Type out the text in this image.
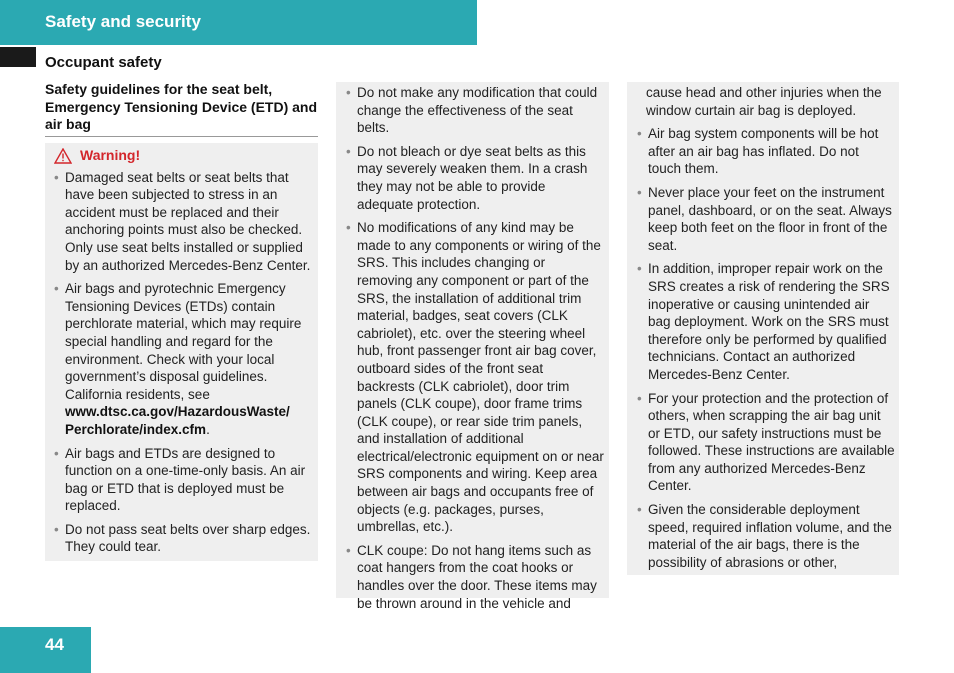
Safety and security
Occupant safety
Safety guidelines for the seat belt, Emergency Tensioning Device (ETD) and air bag
Warning!
• Damaged seat belts or seat belts that have been subjected to stress in an accident must be replaced and their anchoring points must also be checked. Only use seat belts installed or supplied by an authorized Mercedes-Benz Center.
• Air bags and pyrotechnic Emergency Tensioning Devices (ETDs) contain perchlorate material, which may require special handling and regard for the environment. Check with your local government’s disposal guidelines. California residents, see www.dtsc.ca.gov/HazardousWaste/ Perchlorate/index.cfm.
• Air bags and ETDs are designed to function on a one-time-only basis. An air bag or ETD that is deployed must be replaced.
• Do not pass seat belts over sharp edges. They could tear.
• Do not make any modification that could change the effectiveness of the seat belts.
• Do not bleach or dye seat belts as this may severely weaken them. In a crash they may not be able to provide adequate protection.
• No modifications of any kind may be made to any components or wiring of the SRS. This includes changing or removing any component or part of the SRS, the installation of additional trim material, badges, seat covers (CLK cabriolet), etc. over the steering wheel hub, front passenger front air bag cover, outboard sides of the front seat backrests (CLK cabriolet), door trim panels (CLK coupe), door frame trims (CLK coupe), or rear side trim panels, and installation of additional electrical/electronic equipment on or near SRS components and wiring. Keep area between air bags and occupants free of objects (e.g. packages, purses, umbrellas, etc.).
• CLK coupe: Do not hang items such as coat hangers from the coat hooks or handles over the door. These items may be thrown around in the vehicle and
cause head and other injuries when the window curtain air bag is deployed.
• Air bag system components will be hot after an air bag has inflated. Do not touch them.
• Never place your feet on the instrument panel, dashboard, or on the seat. Always keep both feet on the floor in front of the seat.
• In addition, improper repair work on the SRS creates a risk of rendering the SRS inoperative or causing unintended air bag deployment. Work on the SRS must therefore only be performed by qualified technicians. Contact an authorized Mercedes-Benz Center.
• For your protection and the protection of others, when scrapping the air bag unit or ETD, our safety instructions must be followed. These instructions are available from any authorized Mercedes-Benz Center.
• Given the considerable deployment speed, required inflation volume, and the material of the air bags, there is the possibility of abrasions or other,
44
